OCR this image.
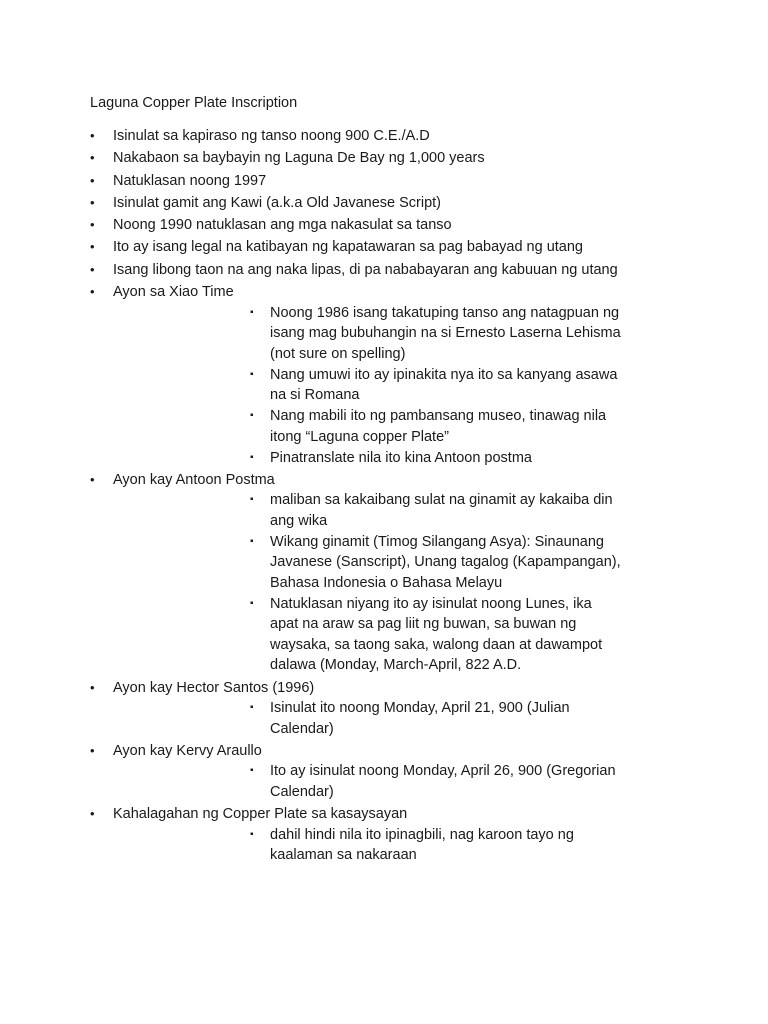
Laguna Copper Plate Inscription
• Isinulat sa kapiraso ng tanso noong 900 C.E./A.D
• Nakabaon sa baybayin ng Laguna De Bay ng 1,000 years
• Natuklasan noong 1997
• Isinulat gamit ang Kawi (a.k.a Old Javanese Script)
• Noong 1990 natuklasan ang mga nakasulat sa tanso
• Ito ay isang legal na katibayan ng kapatawaran sa pag babayad ng utang
• Isang libong taon na ang naka lipas, di pa nababayaran ang kabuuan ng utang
• Ayon sa Xiao Time
▪ Noong 1986 isang takatuping tanso ang natagpuan ng isang mag bubuhangin na si Ernesto Laserna Lehisma (not sure on spelling)
▪ Nang umuwi ito ay ipinakita nya ito sa kanyang asawa na si Romana
▪ Nang mabili ito ng pambansang museo, tinawag nila itong “Laguna copper Plate”
▪ Pinatranslate nila ito kina Antoon postma
• Ayon kay Antoon Postma
▪ maliban sa kakaibang sulat na ginamit ay kakaiba din ang wika
▪ Wikang ginamit (Timog Silangang Asya): Sinaunang Javanese (Sanscript), Unang tagalog (Kapampangan), Bahasa Indonesia o Bahasa Melayu
▪ Natuklasan niyang ito ay isinulat noong Lunes, ika apat na araw sa pag liit ng buwan, sa buwan ng waysaka, sa taong saka, walong daan at dawampot dalawa (Monday, March-April, 822 A.D.
• Ayon kay Hector Santos (1996)
▪ Isinulat ito noong Monday, April 21, 900 (Julian Calendar)
• Ayon kay Kervy Araullo
▪ Ito ay isinulat noong Monday, April 26, 900 (Gregorian Calendar)
• Kahalagahan ng Copper Plate sa kasaysayan
▪ dahil hindi nila ito ipinagbili, nag karoon tayo ng kaalaman sa nakaraan
